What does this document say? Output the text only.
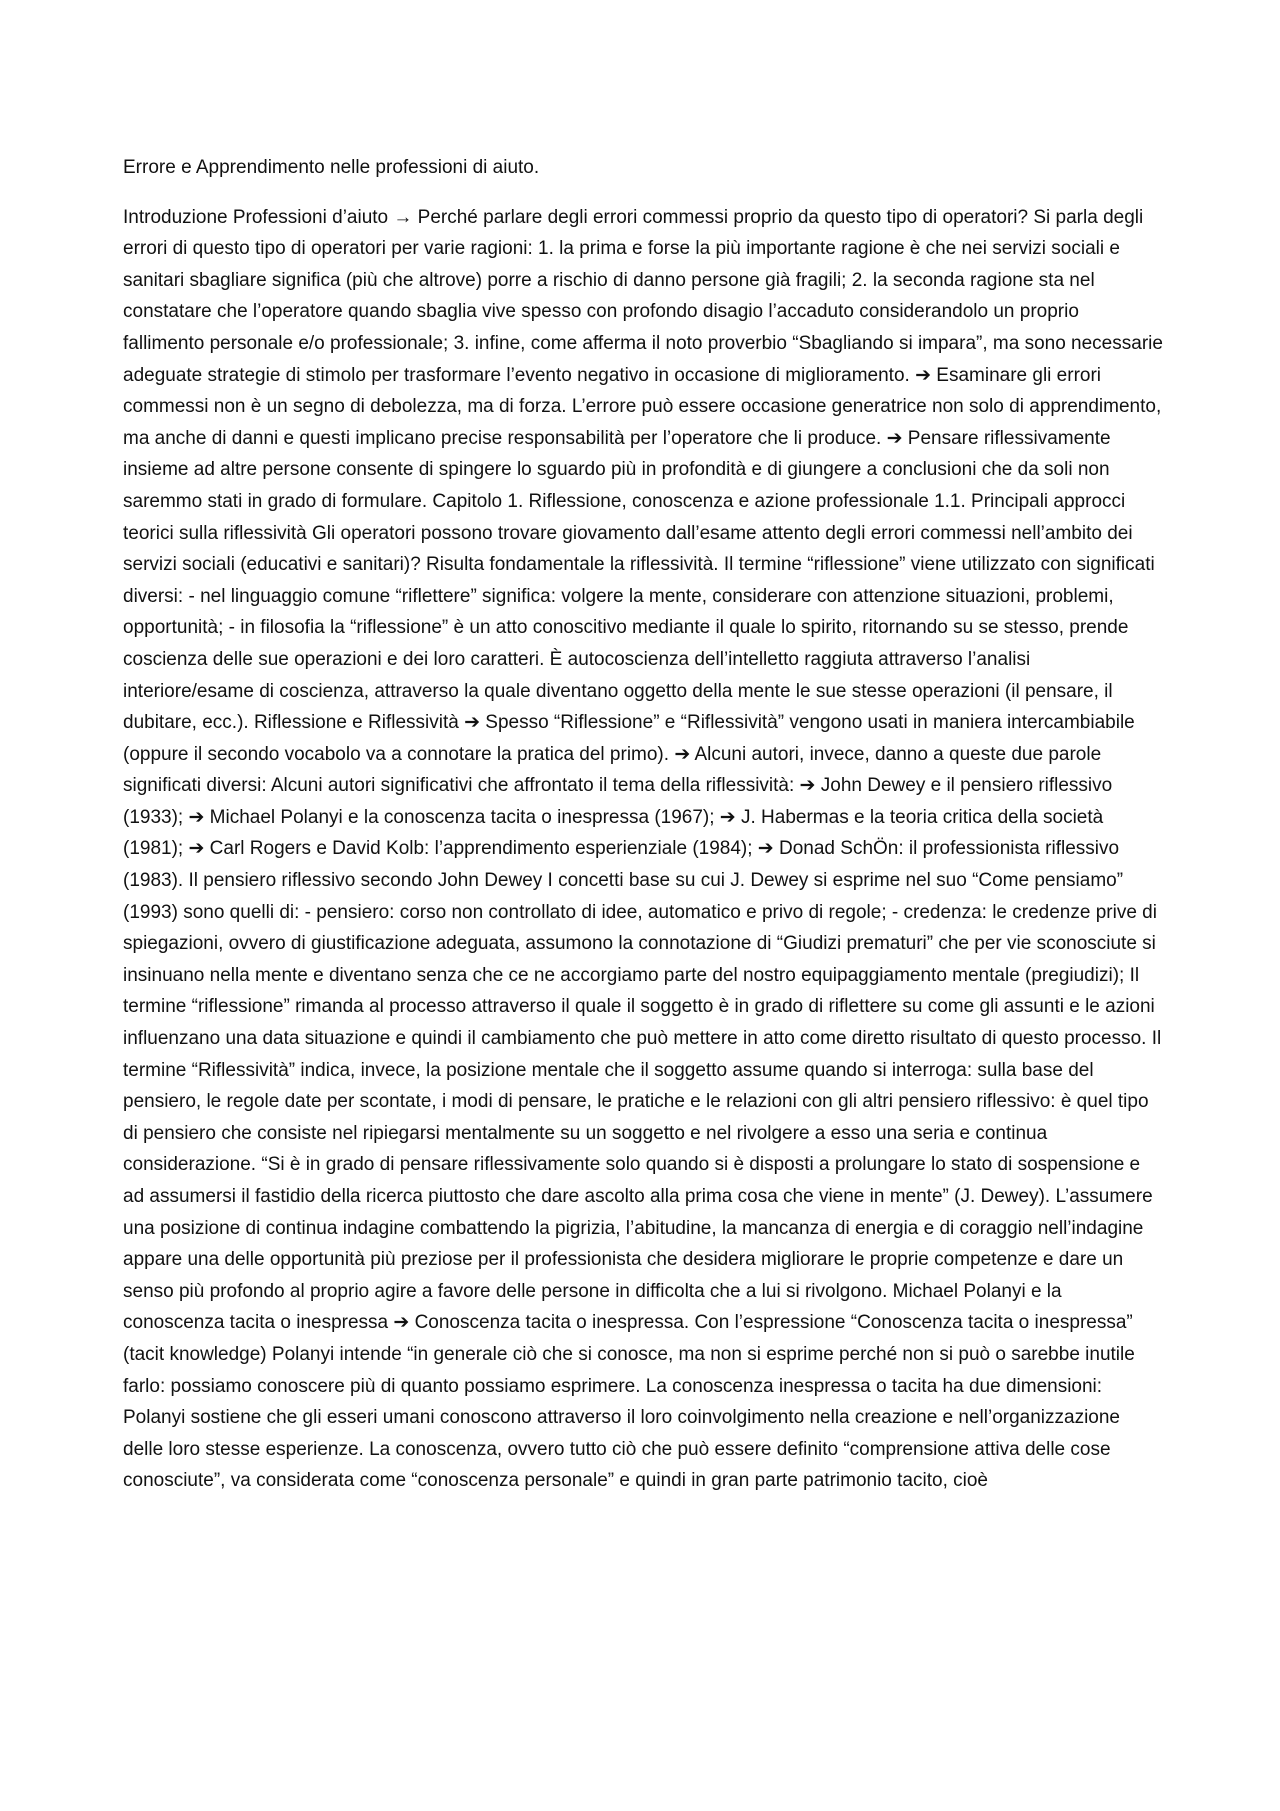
Errore e Apprendimento nelle professioni di aiuto.

Introduzione Professioni d’aiuto → Perché parlare degli errori commessi proprio da questo tipo di operatori? Si parla degli errori di questo tipo di operatori per varie ragioni: 1. la prima e forse la più importante ragione è che nei servizi sociali e sanitari sbagliare significa (più che altrove) porre a rischio di danno persone già fragili; 2. la seconda ragione sta nel constatare che l’operatore quando sbaglia vive spesso con profondo disagio l’accaduto considerandolo un proprio fallimento personale e/o professionale; 3. infine, come afferma il noto proverbio “Sbagliando si impara”, ma sono necessarie adeguate strategie di stimolo per trasformare l’evento negativo in occasione di miglioramento. ➔ Esaminare gli errori commessi non è un segno di debolezza, ma di forza. L’errore può essere occasione generatrice non solo di apprendimento, ma anche di danni e questi implicano precise responsabilità per l’operatore che li produce. ➔ Pensare riflessivamente insieme ad altre persone consente di spingere lo sguardo più in profondità e di giungere a conclusioni che da soli non saremmo stati in grado di formulare. Capitolo 1. Riflessione, conoscenza e azione professionale 1.1. Principali approcci teorici sulla riflessività Gli operatori possono trovare giovamento dall’esame attento degli errori commessi nell’ambito dei servizi sociali (educativi e sanitari)? Risulta fondamentale la riflessività. Il termine “riflessione” viene utilizzato con significati diversi: - nel linguaggio comune “riflettere” significa: volgere la mente, considerare con attenzione situazioni, problemi, opportunità; - in filosofia la “riflessione” è un atto conoscitivo mediante il quale lo spirito, ritornando su se stesso, prende coscienza delle sue operazioni e dei loro caratteri. È autocoscienza dell’intelletto raggiuta attraverso l’analisi interiore/esame di coscienza, attraverso la quale diventano oggetto della mente le sue stesse operazioni (il pensare, il dubitare, ecc.). Riflessione e Riflessività ➔ Spesso “Riflessione” e “Riflessività” vengono usati in maniera intercambiabile (oppure il secondo vocabolo va a connotare la pratica del primo). ➔ Alcuni autori, invece, danno a queste due parole significati diversi: Alcuni autori significativi che affrontato il tema della riflessività: ➔ John Dewey e il pensiero riflessivo (1933); ➔ Michael Polanyi e la conoscenza tacita o inespressa (1967); ➔ J. Habermas e la teoria critica della società (1981); ➔ Carl Rogers e David Kolb: l’apprendimento esperienziale (1984); ➔ Donad SchÖn: il professionista riflessivo (1983). Il pensiero riflessivo secondo John Dewey I concetti base su cui J. Dewey si esprime nel suo “Come pensiamo” (1993) sono quelli di: - pensiero: corso non controllato di idee, automatico e privo di regole; - credenza: le credenze prive di spiegazioni, ovvero di giustificazione adeguata, assumono la connotazione di “Giudizi prematuri” che per vie sconosciute si insinuano nella mente e diventano senza che ce ne accorgiamo parte del nostro equipaggiamento mentale (pregiudizi); Il termine “riflessione” rimanda al processo attraverso il quale il soggetto è in grado di riflettere su come gli assunti e le azioni influenzano una data situazione e quindi il cambiamento che può mettere in atto come diretto risultato di questo processo. Il termine “Riflessività” indica, invece, la posizione mentale che il soggetto assume quando si interroga: sulla base del pensiero, le regole date per scontate, i modi di pensare, le pratiche e le relazioni con gli altri pensiero riflessivo: è quel tipo di pensiero che consiste nel ripiegarsi mentalmente su un soggetto e nel rivolgere a esso una seria e continua considerazione. “Si è in grado di pensare riflessivamente solo quando si è disposti a prolungare lo stato di sospensione e ad assumersi il fastidio della ricerca piuttosto che dare ascolto alla prima cosa che viene in mente” (J. Dewey). L’assumere una posizione di continua indagine combattendo la pigrizia, l’abitudine, la mancanza di energia e di coraggio nell’indagine appare una delle opportunità più preziose per il professionista che desidera migliorare le proprie competenze e dare un senso più profondo al proprio agire a favore delle persone in difficolta che a lui si rivolgono. Michael Polanyi e la conoscenza tacita o inespressa ➔ Conoscenza tacita o inespressa. Con l’espressione “Conoscenza tacita o inespressa” (tacit knowledge) Polanyi intende “in generale ciò che si conosce, ma non si esprime perché non si può o sarebbe inutile farlo: possiamo conoscere più di quanto possiamo esprimere. La conoscenza inespressa o tacita ha due dimensioni: Polanyi sostiene che gli esseri umani conoscono attraverso il loro coinvolgimento nella creazione e nell’organizzazione delle loro stesse esperienze. La conoscenza, ovvero tutto ciò che può essere definito “comprensione attiva delle cose conosciute”, va considerata come “conoscenza personale” e quindi in gran parte patrimonio tacito, cioè
